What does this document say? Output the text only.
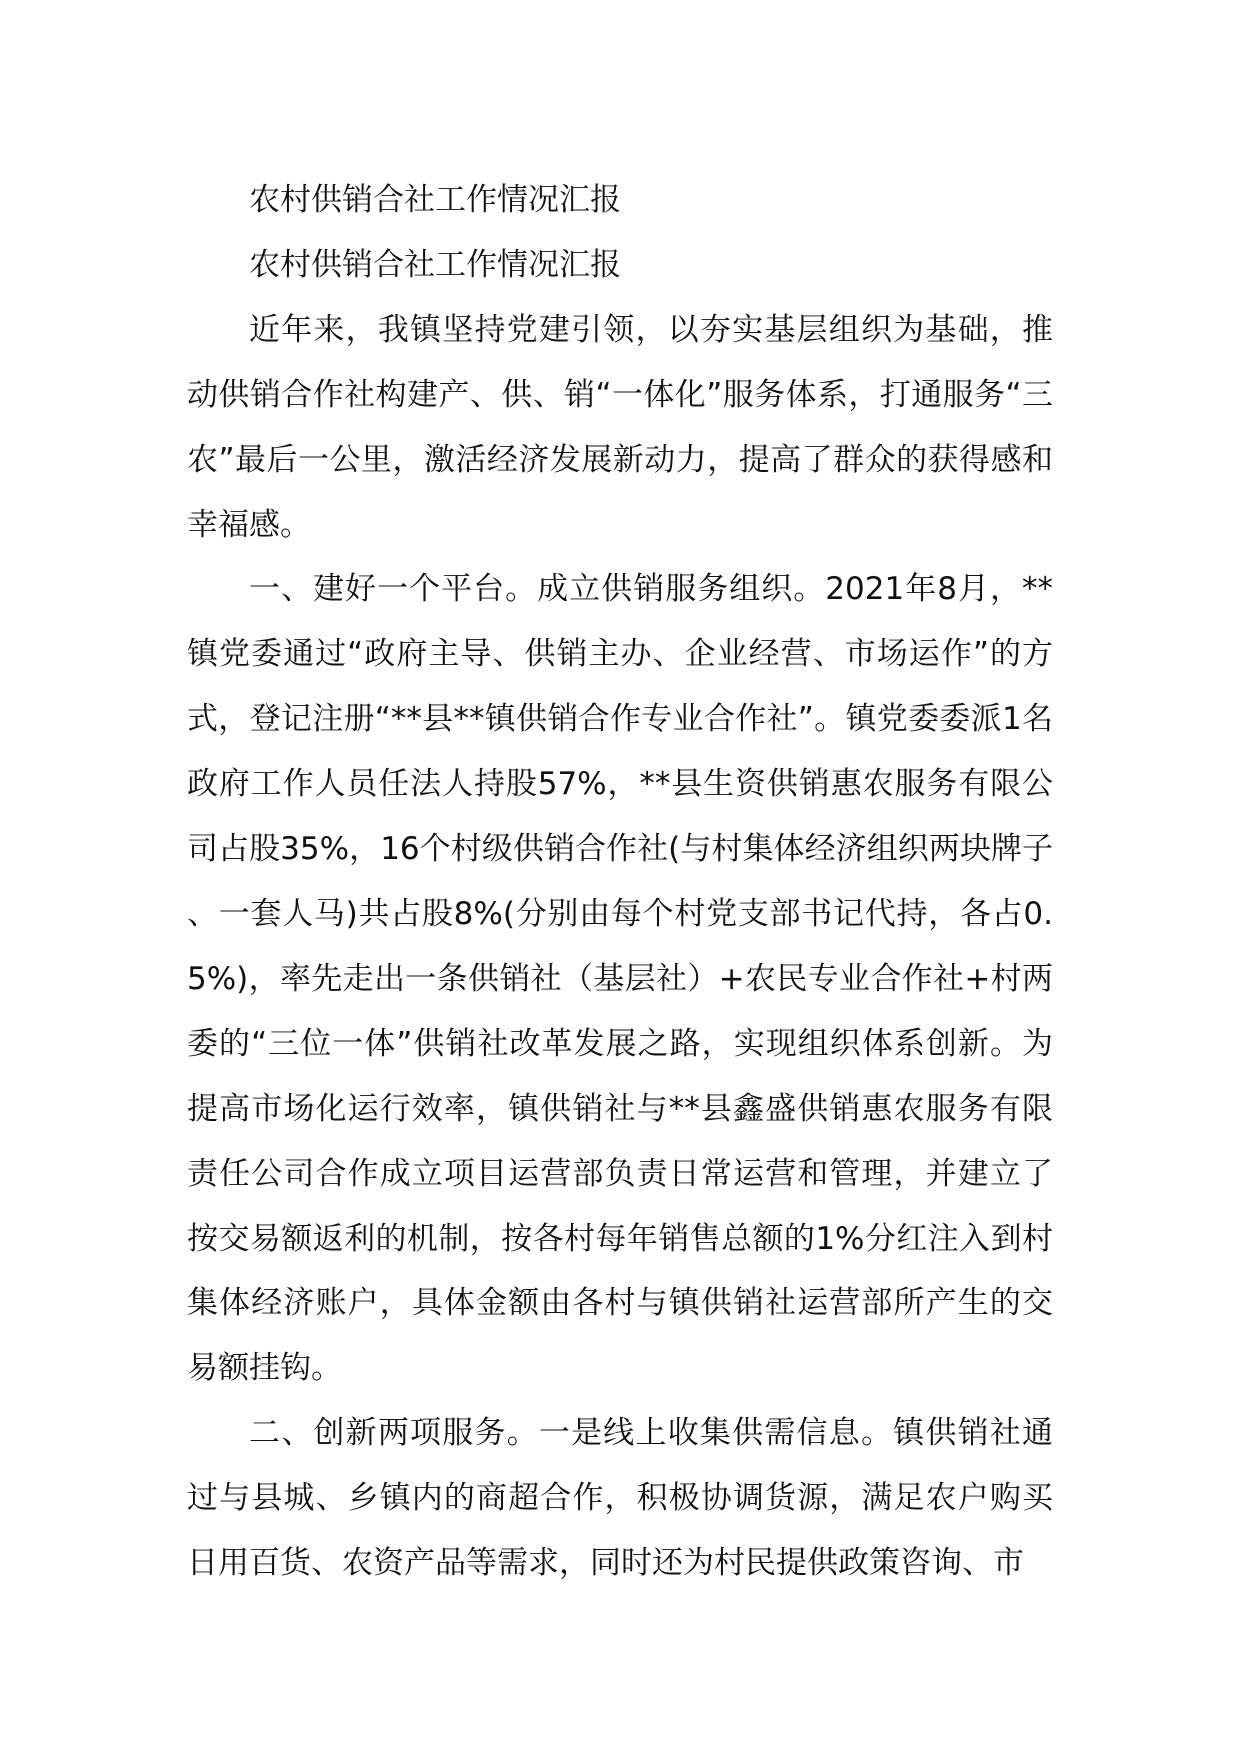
农村供销合社工作情况汇报

农村供销合社工作情况汇报

近年来，我镇坚持党建引领，以夯实基层组织为基础，推动供销合作社构建产、供、销“一体化”服务体系，打通服务“三农”最后一公里，激活经济发展新动力，提高了群众的获得感和幸福感。

一、建好一个平台。成立供销服务组织。2021年8月，**镇党委通过“政府主导、供销主办、企业经营、市场运作”的方式，登记注册“**县**镇供销合作专业合作社”。镇党委委派1名政府工作人员任法人持股57%，**县生资供销惠农服务有限公司占股35%，16个村级供销合作社(与村集体经济组织两块牌子、一套人马)共占股8%(分别由每个村党支部书记代持，各占0.5%)，率先走出一条供销社（基层社）+农民专业合作社+村两委的“三位一体”供销社改革发展之路，实现组织体系创新。为提高市场化运行效率，镇供销社与**县鑫盛供销惠农服务有限责任公司合作成立项目运营部负责日常运营和管理，并建立了按交易额返利的机制，按各村每年销售总额的1%分红注入到村集体经济账户，具体金额由各村与镇供销社运营部所产生的交易额挂钩。

二、创新两项服务。一是线上收集供需信息。镇供销社通过与县城、乡镇内的商超合作，积极协调货源，满足农户购买日用百货、农资产品等需求，同时还为村民提供政策咨询、市
